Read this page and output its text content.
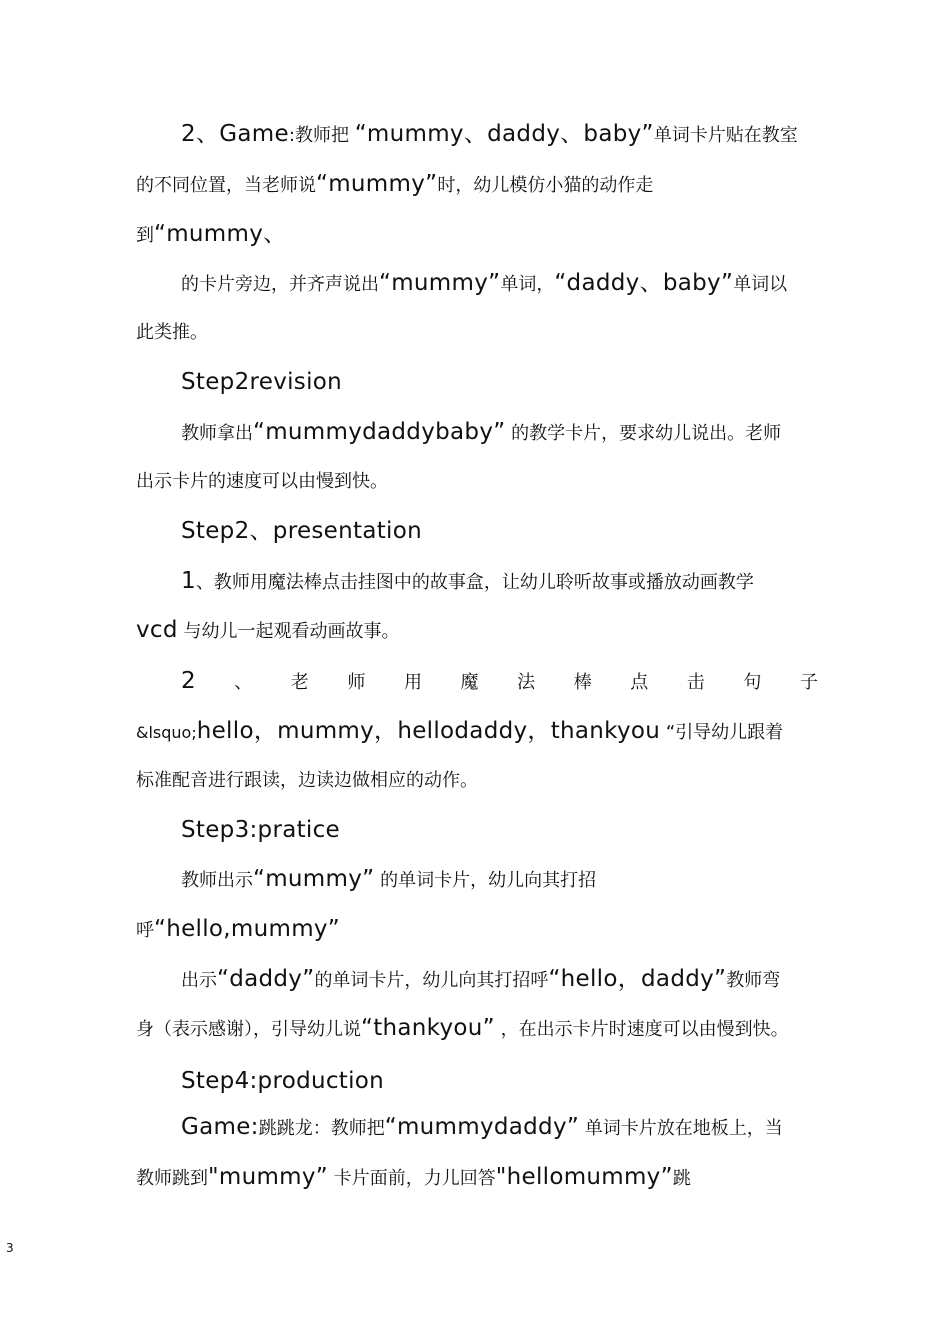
2、Game:教师把 “mummy、daddy、baby”单词卡片贴在教室
的不同位置，当老师说“mummy”时，幼儿模仿小猫的动作走
到“mummy、
的卡片旁边，并齐声说出“mummy”单词，“daddy、baby”单词以
此类推。
Step2revision
教师拿出“mummydaddybaby” 的教学卡片，要求幼儿说出。老师
出示卡片的速度可以由慢到快。
Step2、presentation
1、教师用魔法棒点击挂图中的故事盒，让幼儿聆听故事或播放动画教学
vcd 与幼儿一起观看动画故事。
2 、 老 师 用 魔 法 棒 点 击 句 子
&lsquo;hello，mummy，hellodaddy，thankyou “引导幼儿跟着
标准配音进行跟读，边读边做相应的动作。
Step3:pratice
教师出示“mummy” 的单词卡片，幼儿向其打招
呼“hello,mummy”
出示“daddy”的单词卡片，幼儿向其打招呼“hello，daddy”教师弯
身（表示感谢），引导幼儿说“thankyou” ，在出示卡片时速度可以由慢到快。
Step4:production
Game:跳跳龙：教师把“mummydaddy” 单词卡片放在地板上，当
教师跳到"mummy” 卡片面前，力儿回答"hellomummy”跳
3
